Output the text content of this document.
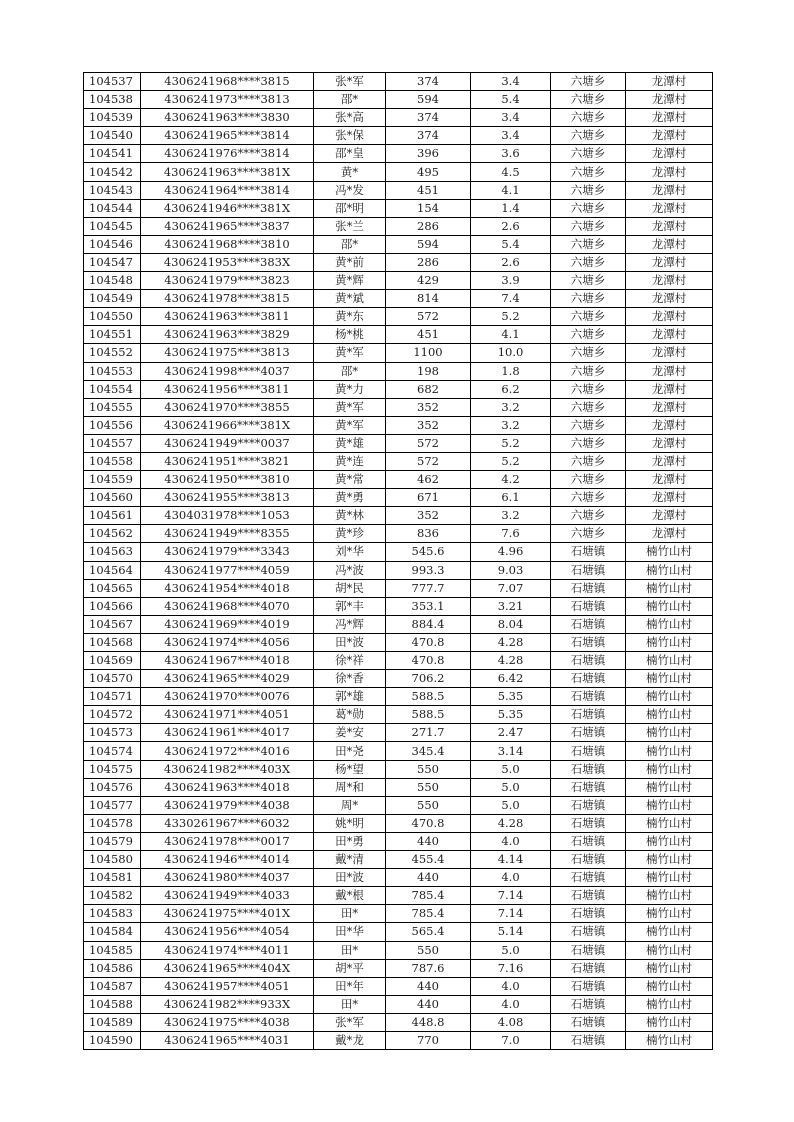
104537	4306241968****3815	张*军	374	3.4	六塘乡	龙潭村
104538	4306241973****3813	邵*	594	5.4	六塘乡	龙潭村
104539	4306241963****3830	张*高	374	3.4	六塘乡	龙潭村
104540	4306241965****3814	张*保	374	3.4	六塘乡	龙潭村
104541	4306241976****3814	邵*皇	396	3.6	六塘乡	龙潭村
104542	4306241963****381X	黄*	495	4.5	六塘乡	龙潭村
104543	4306241964****3814	冯*发	451	4.1	六塘乡	龙潭村
104544	4306241946****381X	邵*明	154	1.4	六塘乡	龙潭村
104545	4306241965****3837	张*兰	286	2.6	六塘乡	龙潭村
104546	4306241968****3810	邵*	594	5.4	六塘乡	龙潭村
104547	4306241953****383X	黄*前	286	2.6	六塘乡	龙潭村
104548	4306241979****3823	黄*辉	429	3.9	六塘乡	龙潭村
104549	4306241978****3815	黄*斌	814	7.4	六塘乡	龙潭村
104550	4306241963****3811	黄*东	572	5.2	六塘乡	龙潭村
104551	4306241963****3829	杨*桃	451	4.1	六塘乡	龙潭村
104552	4306241975****3813	黄*军	1100	10.0	六塘乡	龙潭村
104553	4306241998****4037	邵*	198	1.8	六塘乡	龙潭村
104554	4306241956****3811	黄*力	682	6.2	六塘乡	龙潭村
104555	4306241970****3855	黄*军	352	3.2	六塘乡	龙潭村
104556	4306241966****381X	黄*军	352	3.2	六塘乡	龙潭村
104557	4306241949****0037	黄*雄	572	5.2	六塘乡	龙潭村
104558	4306241951****3821	黄*连	572	5.2	六塘乡	龙潭村
104559	4306241950****3810	黄*常	462	4.2	六塘乡	龙潭村
104560	4306241955****3813	黄*勇	671	6.1	六塘乡	龙潭村
104561	4304031978****1053	黄*林	352	3.2	六塘乡	龙潭村
104562	4306241949****8355	黄*珍	836	7.6	六塘乡	龙潭村
104563	4306241979****3343	刘*华	545.6	4.96	石塘镇	楠竹山村
104564	4306241977****4059	冯*波	993.3	9.03	石塘镇	楠竹山村
104565	4306241954****4018	胡*民	777.7	7.07	石塘镇	楠竹山村
104566	4306241968****4070	郭*丰	353.1	3.21	石塘镇	楠竹山村
104567	4306241969****4019	冯*辉	884.4	8.04	石塘镇	楠竹山村
104568	4306241974****4056	田*波	470.8	4.28	石塘镇	楠竹山村
104569	4306241967****4018	徐*祥	470.8	4.28	石塘镇	楠竹山村
104570	4306241965****4029	徐*香	706.2	6.42	石塘镇	楠竹山村
104571	4306241970****0076	郭*雄	588.5	5.35	石塘镇	楠竹山村
104572	4306241971****4051	葛*勋	588.5	5.35	石塘镇	楠竹山村
104573	4306241961****4017	姜*安	271.7	2.47	石塘镇	楠竹山村
104574	4306241972****4016	田*尧	345.4	3.14	石塘镇	楠竹山村
104575	4306241982****403X	杨*望	550	5.0	石塘镇	楠竹山村
104576	4306241963****4018	周*和	550	5.0	石塘镇	楠竹山村
104577	4306241979****4038	周*	550	5.0	石塘镇	楠竹山村
104578	4330261967****6032	姚*明	470.8	4.28	石塘镇	楠竹山村
104579	4306241978****0017	田*勇	440	4.0	石塘镇	楠竹山村
104580	4306241946****4014	戴*清	455.4	4.14	石塘镇	楠竹山村
104581	4306241980****4037	田*波	440	4.0	石塘镇	楠竹山村
104582	4306241949****4033	戴*根	785.4	7.14	石塘镇	楠竹山村
104583	4306241975****401X	田*	785.4	7.14	石塘镇	楠竹山村
104584	4306241956****4054	田*华	565.4	5.14	石塘镇	楠竹山村
104585	4306241974****4011	田*	550	5.0	石塘镇	楠竹山村
104586	4306241965****404X	胡*平	787.6	7.16	石塘镇	楠竹山村
104587	4306241957****4051	田*年	440	4.0	石塘镇	楠竹山村
104588	4306241982****933X	田*	440	4.0	石塘镇	楠竹山村
104589	4306241975****4038	张*军	448.8	4.08	石塘镇	楠竹山村
104590	4306241965****4031	戴*龙	770	7.0	石塘镇	楠竹山村
